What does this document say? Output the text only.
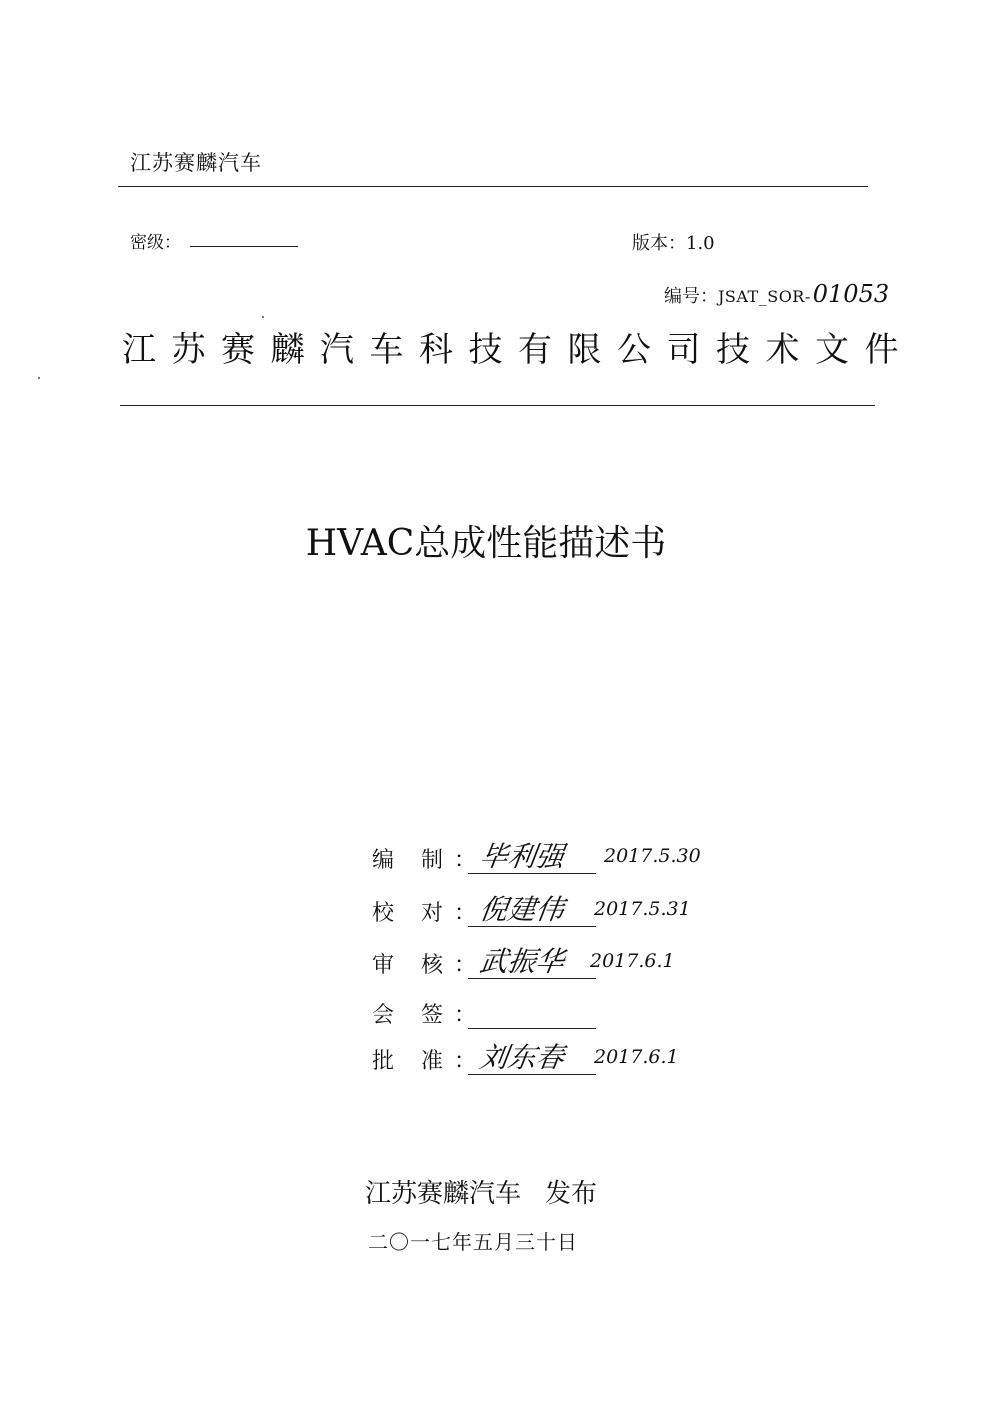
江苏赛麟汽车
密级：	版本：1.0
编号：JSAT_SOR-01053
江苏赛麟汽车科技有限公司技术文件
HVAC总成性能描述书
编 制 ： 毕利强 2017.5.30
校 对 ： 倪建伟 2017.5.31
审 核 ： 武振华 2017.6.1
会 签 ：
批 准 ： 刘东春 2017.6.1
江苏赛麟汽车 发布
二〇一七年五月三十日
